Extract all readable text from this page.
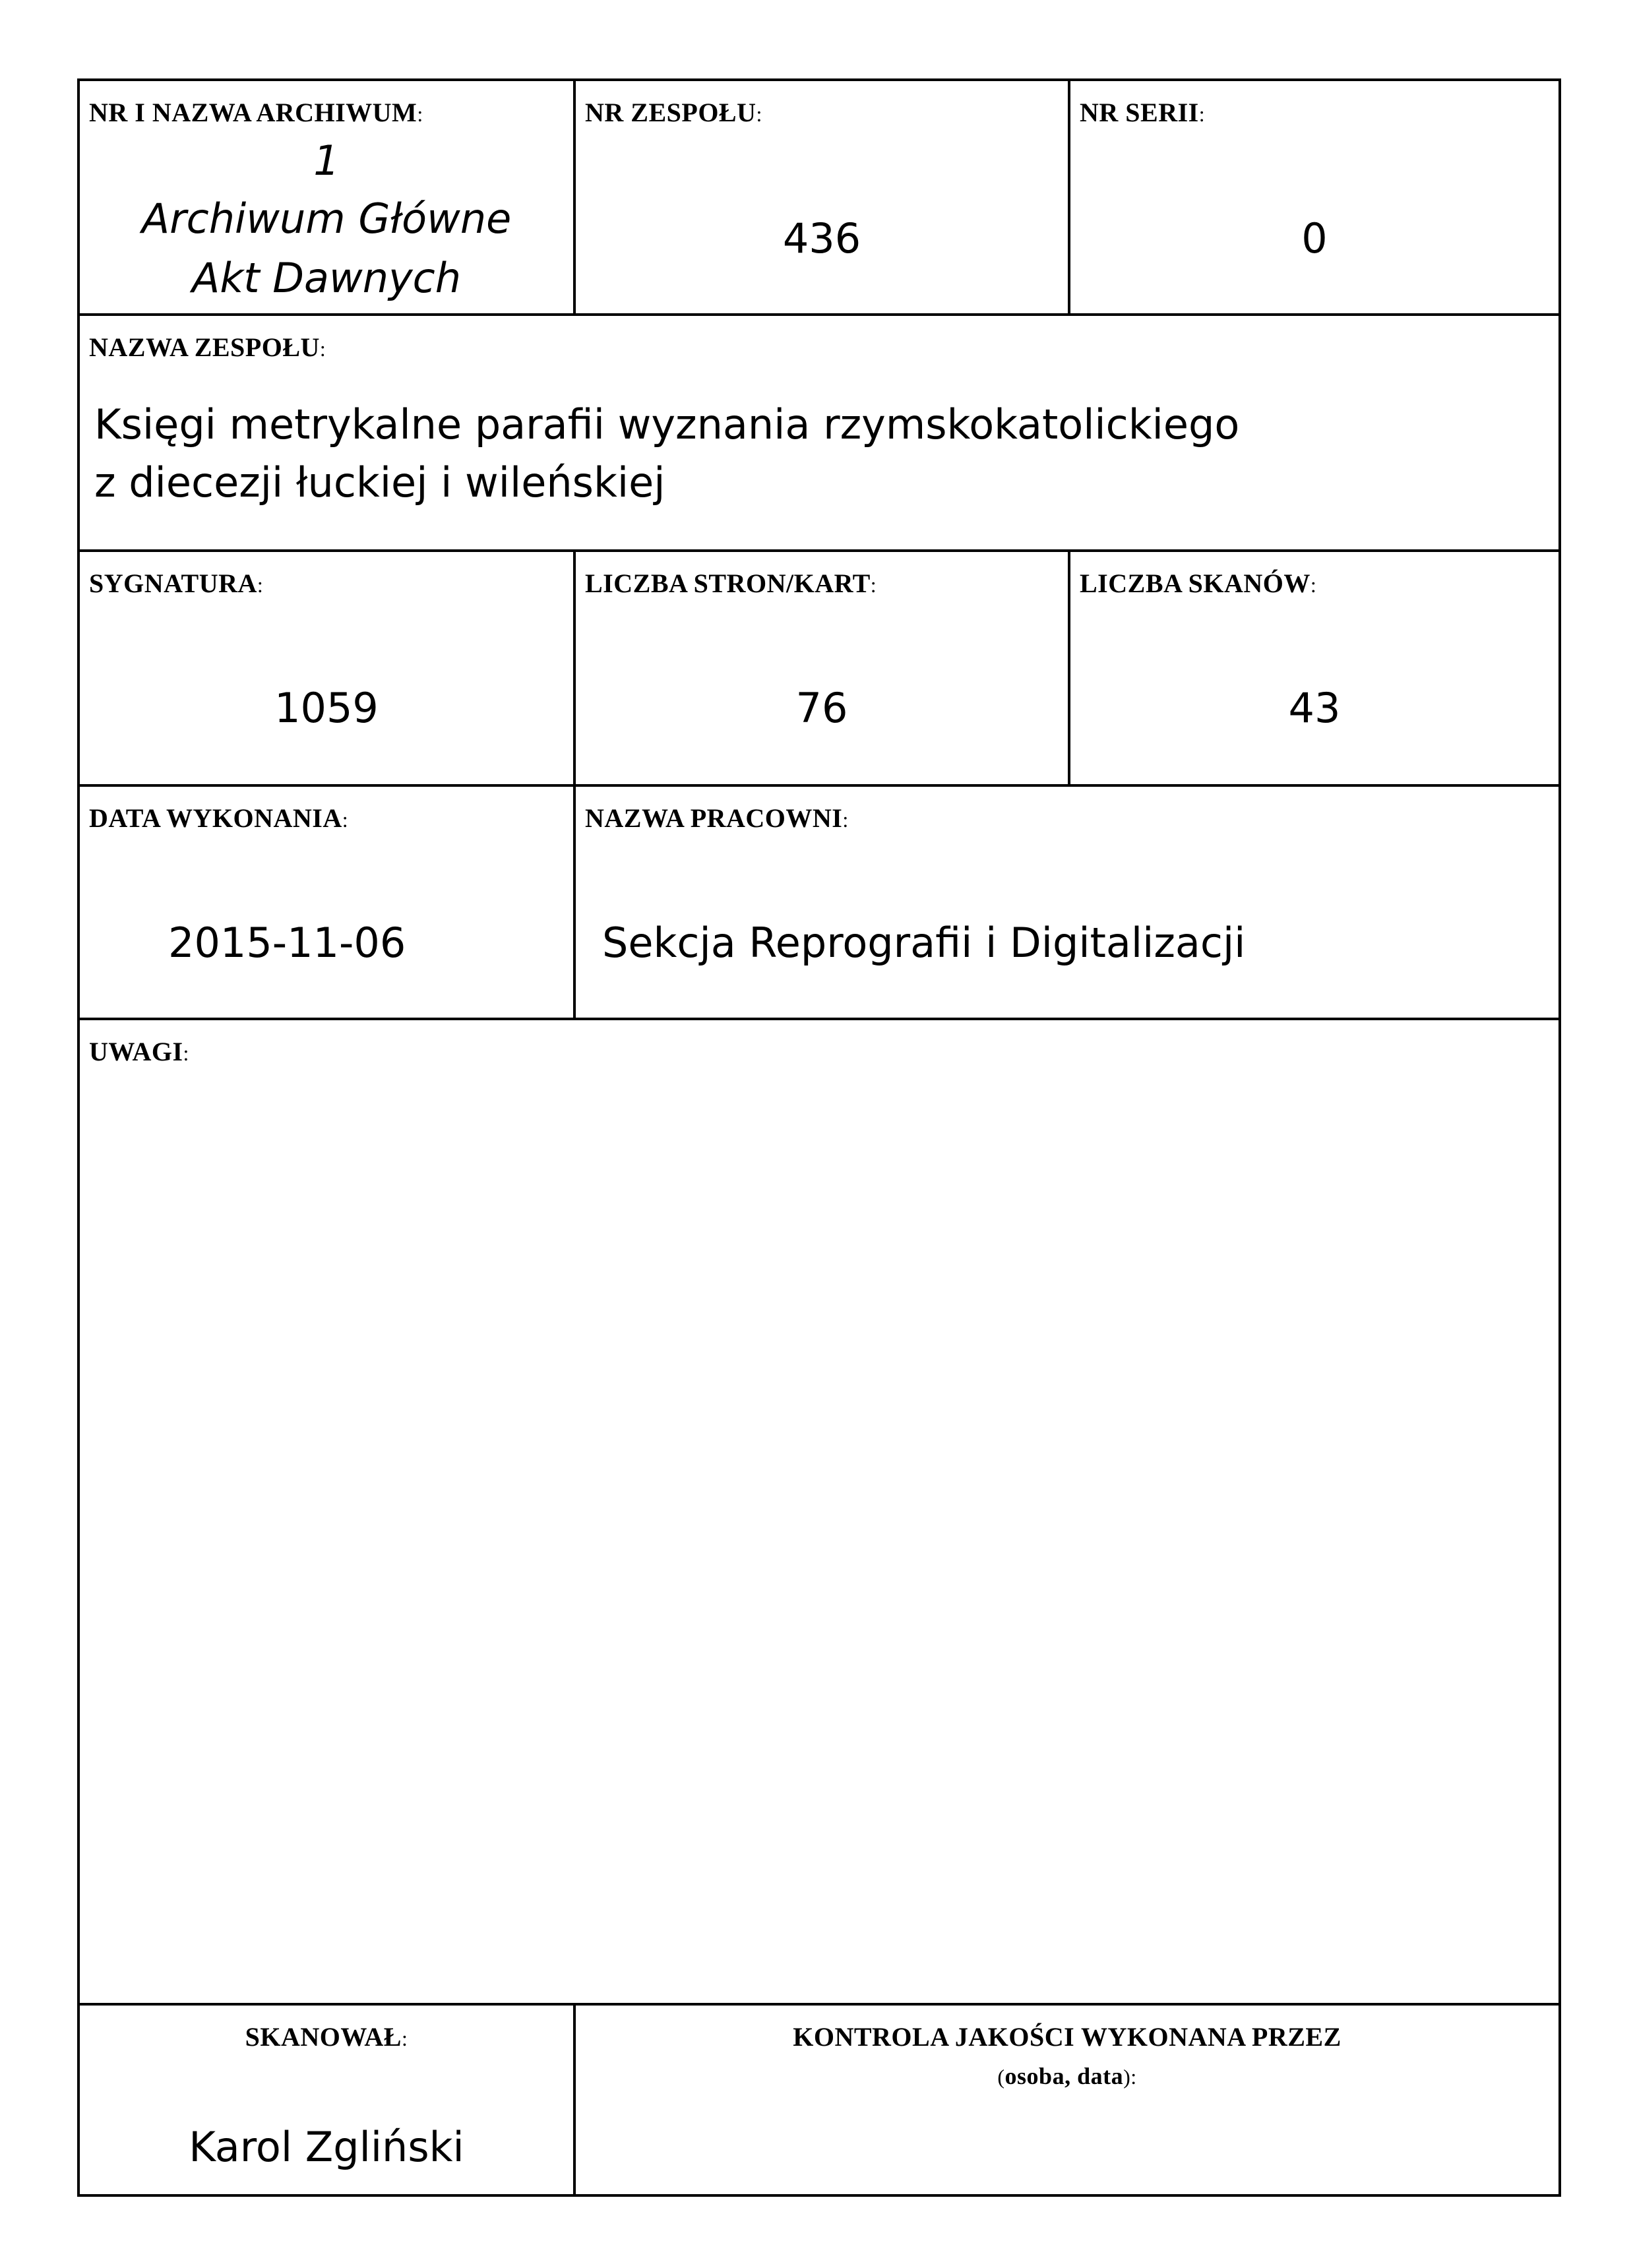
NR I NAZWA ARCHIWUM:
1
Archiwum Główne
Akt Dawnych
NR ZESPOŁU:
436
NR SERII:
0
NAZWA ZESPOŁU:
Księgi metrykalne parafii wyznania rzymskokatolickiego
z diecezji łuckiej i wileńskiej
SYGNATURA:
1059
LICZBA STRON/KART:
76
LICZBA SKANÓW:
43
DATA WYKONANIA:
2015-11-06
NAZWA PRACOWNI:
Sekcja Reprografii i Digitalizacji
UWAGI:
SKANOWAŁ:
Karol Zgliński
KONTROLA JAKOŚCI WYKONANA PRZEZ
(osoba, data):
